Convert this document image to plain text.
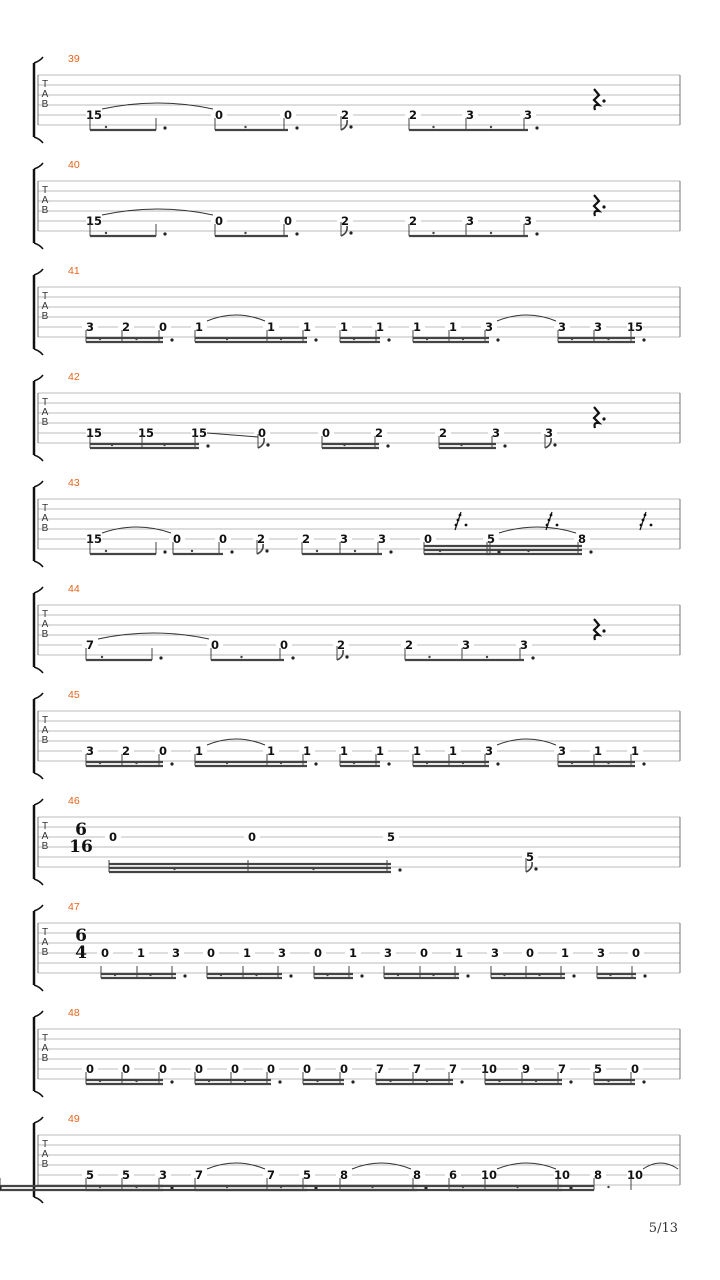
T
A
B
39
15	0	0	2	2	3	3
T
A
B
40
15	0	0	2	2	3	3
T
A
B
41
3 2	0 1	1 1	1 1	1 1 3	3 3 15
T
A
B
42
15	15	15	0	0	2	2	3	3
T
A
B
43
15	0	0	2	2	3	3	0	5	8
T
A
B
44
7	0	0	2	2	3	3
T
A
B
45
3 2	0 1	1 1	1 1	1 1 3	3 1	1
T
A
B
46
6
16 0	0	5
5
T
A
B
47
6
4 0 1 3 0 1 3 0 1 3 0 1 3 0 1 3 0
T
A
B
48
0 0	0 0 0 0 0	0 7	7 7 10 9 7 5	0
T
A
B
49
5 5	3 7	7 5	8	8 6 10	10 8 10
5/13
